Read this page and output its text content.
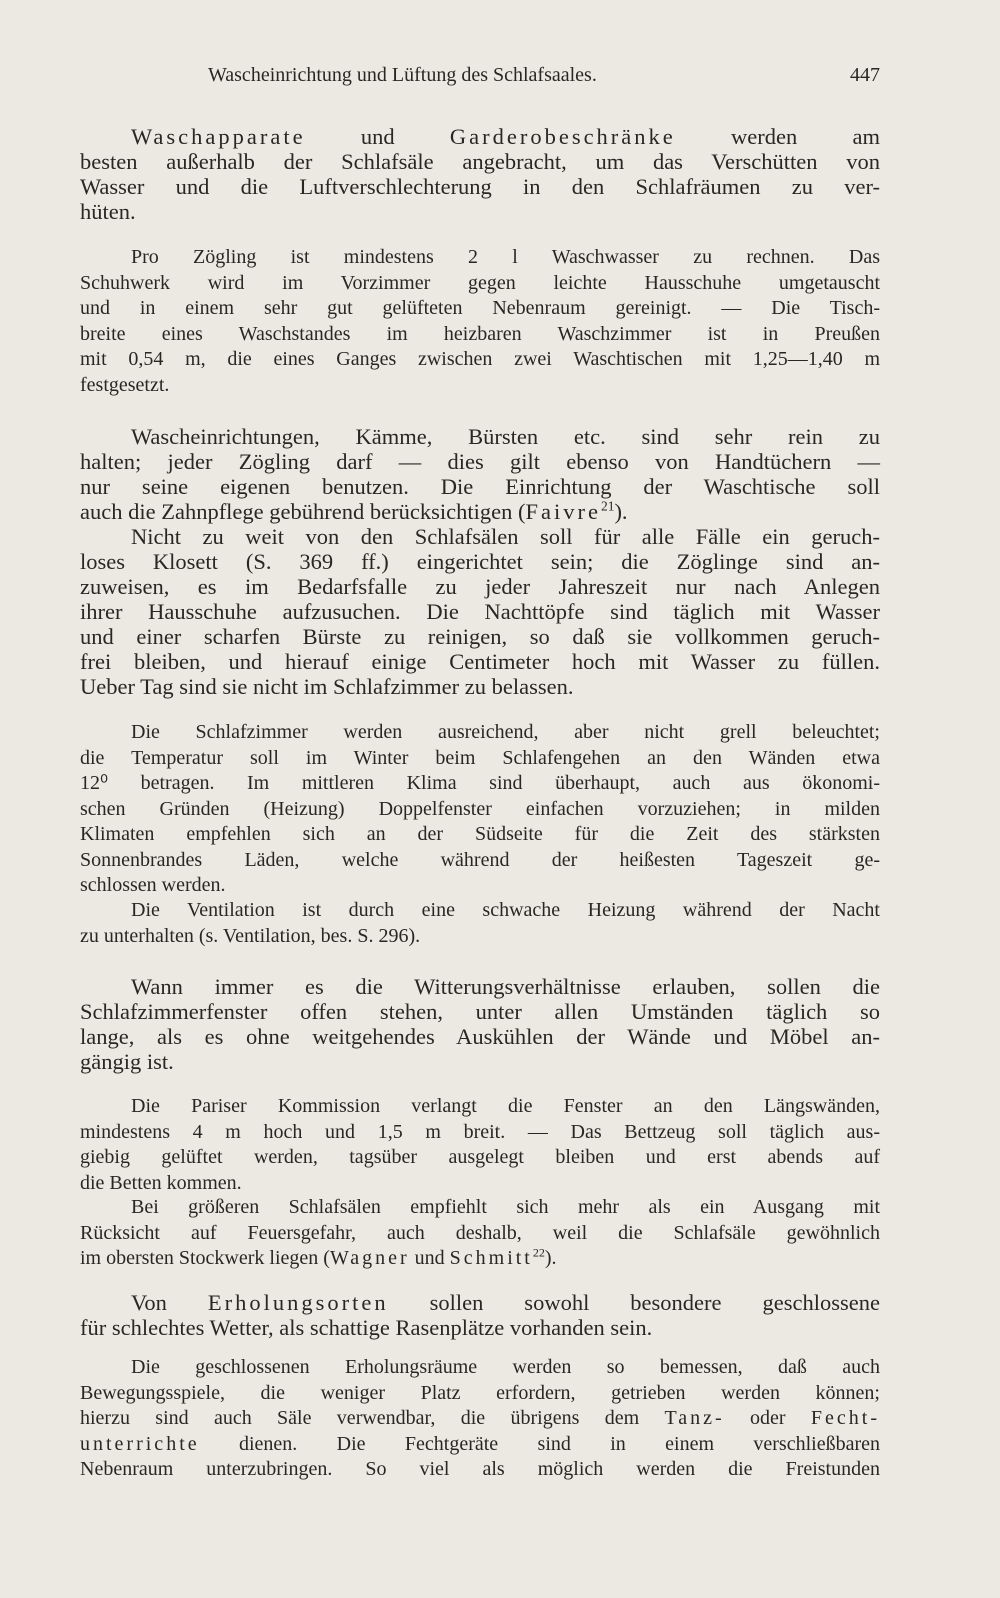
Wascheinrichtung und Lüftung des Schlafsaales.	447

Waschapparate und Garderobeschränke werden am

besten außerhalb der Schlafsäle angebracht, um das Verschütten von

Wasser und die Luftverschlechterung in den Schlafräumen zu ver-

hüten.

Pro Zögling ist mindestens 2 l Waschwasser zu rechnen. Das

Schuhwerk wird im Vorzimmer gegen leichte Hausschuhe umgetauscht

und in einem sehr gut gelüfteten Nebenraum gereinigt. — Die Tisch-

breite eines Waschstandes im heizbaren Waschzimmer ist in Preußen

mit 0,54 m, die eines Ganges zwischen zwei Waschtischen mit 1,25—1,40 m

festgesetzt.

Wascheinrichtungen, Kämme, Bürsten etc. sind sehr rein zu

halten; jeder Zögling darf — dies gilt ebenso von Handtüchern —

nur seine eigenen benutzen. Die Einrichtung der Waschtische soll

auch die Zahnpflege gebührend berücksichtigen (Faivre$^{21}$).

Nicht zu weit von den Schlafsälen soll für alle Fälle ein geruch-

loses Klosett (S. 369 ff.) eingerichtet sein; die Zöglinge sind an-

zuweisen, es im Bedarfsfalle zu jeder Jahreszeit nur nach Anlegen

ihrer Hausschuhe aufzusuchen. Die Nachttöpfe sind täglich mit Wasser

und einer scharfen Bürste zu reinigen, so daß sie vollkommen geruch-

frei bleiben, und hierauf einige Centimeter hoch mit Wasser zu füllen.

Ueber Tag sind sie nicht im Schlafzimmer zu belassen.

Die Schlafzimmer werden ausreichend, aber nicht grell beleuchtet;

die Temperatur soll im Winter beim Schlafengehen an den Wänden etwa

12⁰ betragen. Im mittleren Klima sind überhaupt, auch aus ökonomi-

schen Gründen (Heizung) Doppelfenster einfachen vorzuziehen; in milden

Klimaten empfehlen sich an der Südseite für die Zeit des stärksten

Sonnenbrandes Läden, welche während der heißesten Tageszeit ge-

schlossen werden.

Die Ventilation ist durch eine schwache Heizung während der Nacht

zu unterhalten (s. Ventilation, bes. S. 296).

Wann immer es die Witterungsverhältnisse erlauben, sollen die

Schlafzimmerfenster offen stehen, unter allen Umständen täglich so

lange, als es ohne weitgehendes Auskühlen der Wände und Möbel an-

gängig ist.

Die Pariser Kommission verlangt die Fenster an den Längswänden,

mindestens 4 m hoch und 1,5 m breit. — Das Bettzeug soll täglich aus-

giebig gelüftet werden, tagsüber ausgelegt bleiben und erst abends auf

die Betten kommen.

Bei größeren Schlafsälen empfiehlt sich mehr als ein Ausgang mit

Rücksicht auf Feuersgefahr, auch deshalb, weil die Schlafsäle gewöhnlich

im obersten Stockwerk liegen (Wagner und Schmitt$^{22}$).

Von Erholungsorten sollen sowohl besondere geschlossene

für schlechtes Wetter, als schattige Rasenplätze vorhanden sein.

Die geschlossenen Erholungsräume werden so bemessen, daß auch

Bewegungsspiele, die weniger Platz erfordern, getrieben werden können;

hierzu sind auch Säle verwendbar, die übrigens dem Tanz- oder Fecht-

unterrichte dienen. Die Fechtgeräte sind in einem verschließbaren

Nebenraum unterzubringen. So viel als möglich werden die Freistunden
